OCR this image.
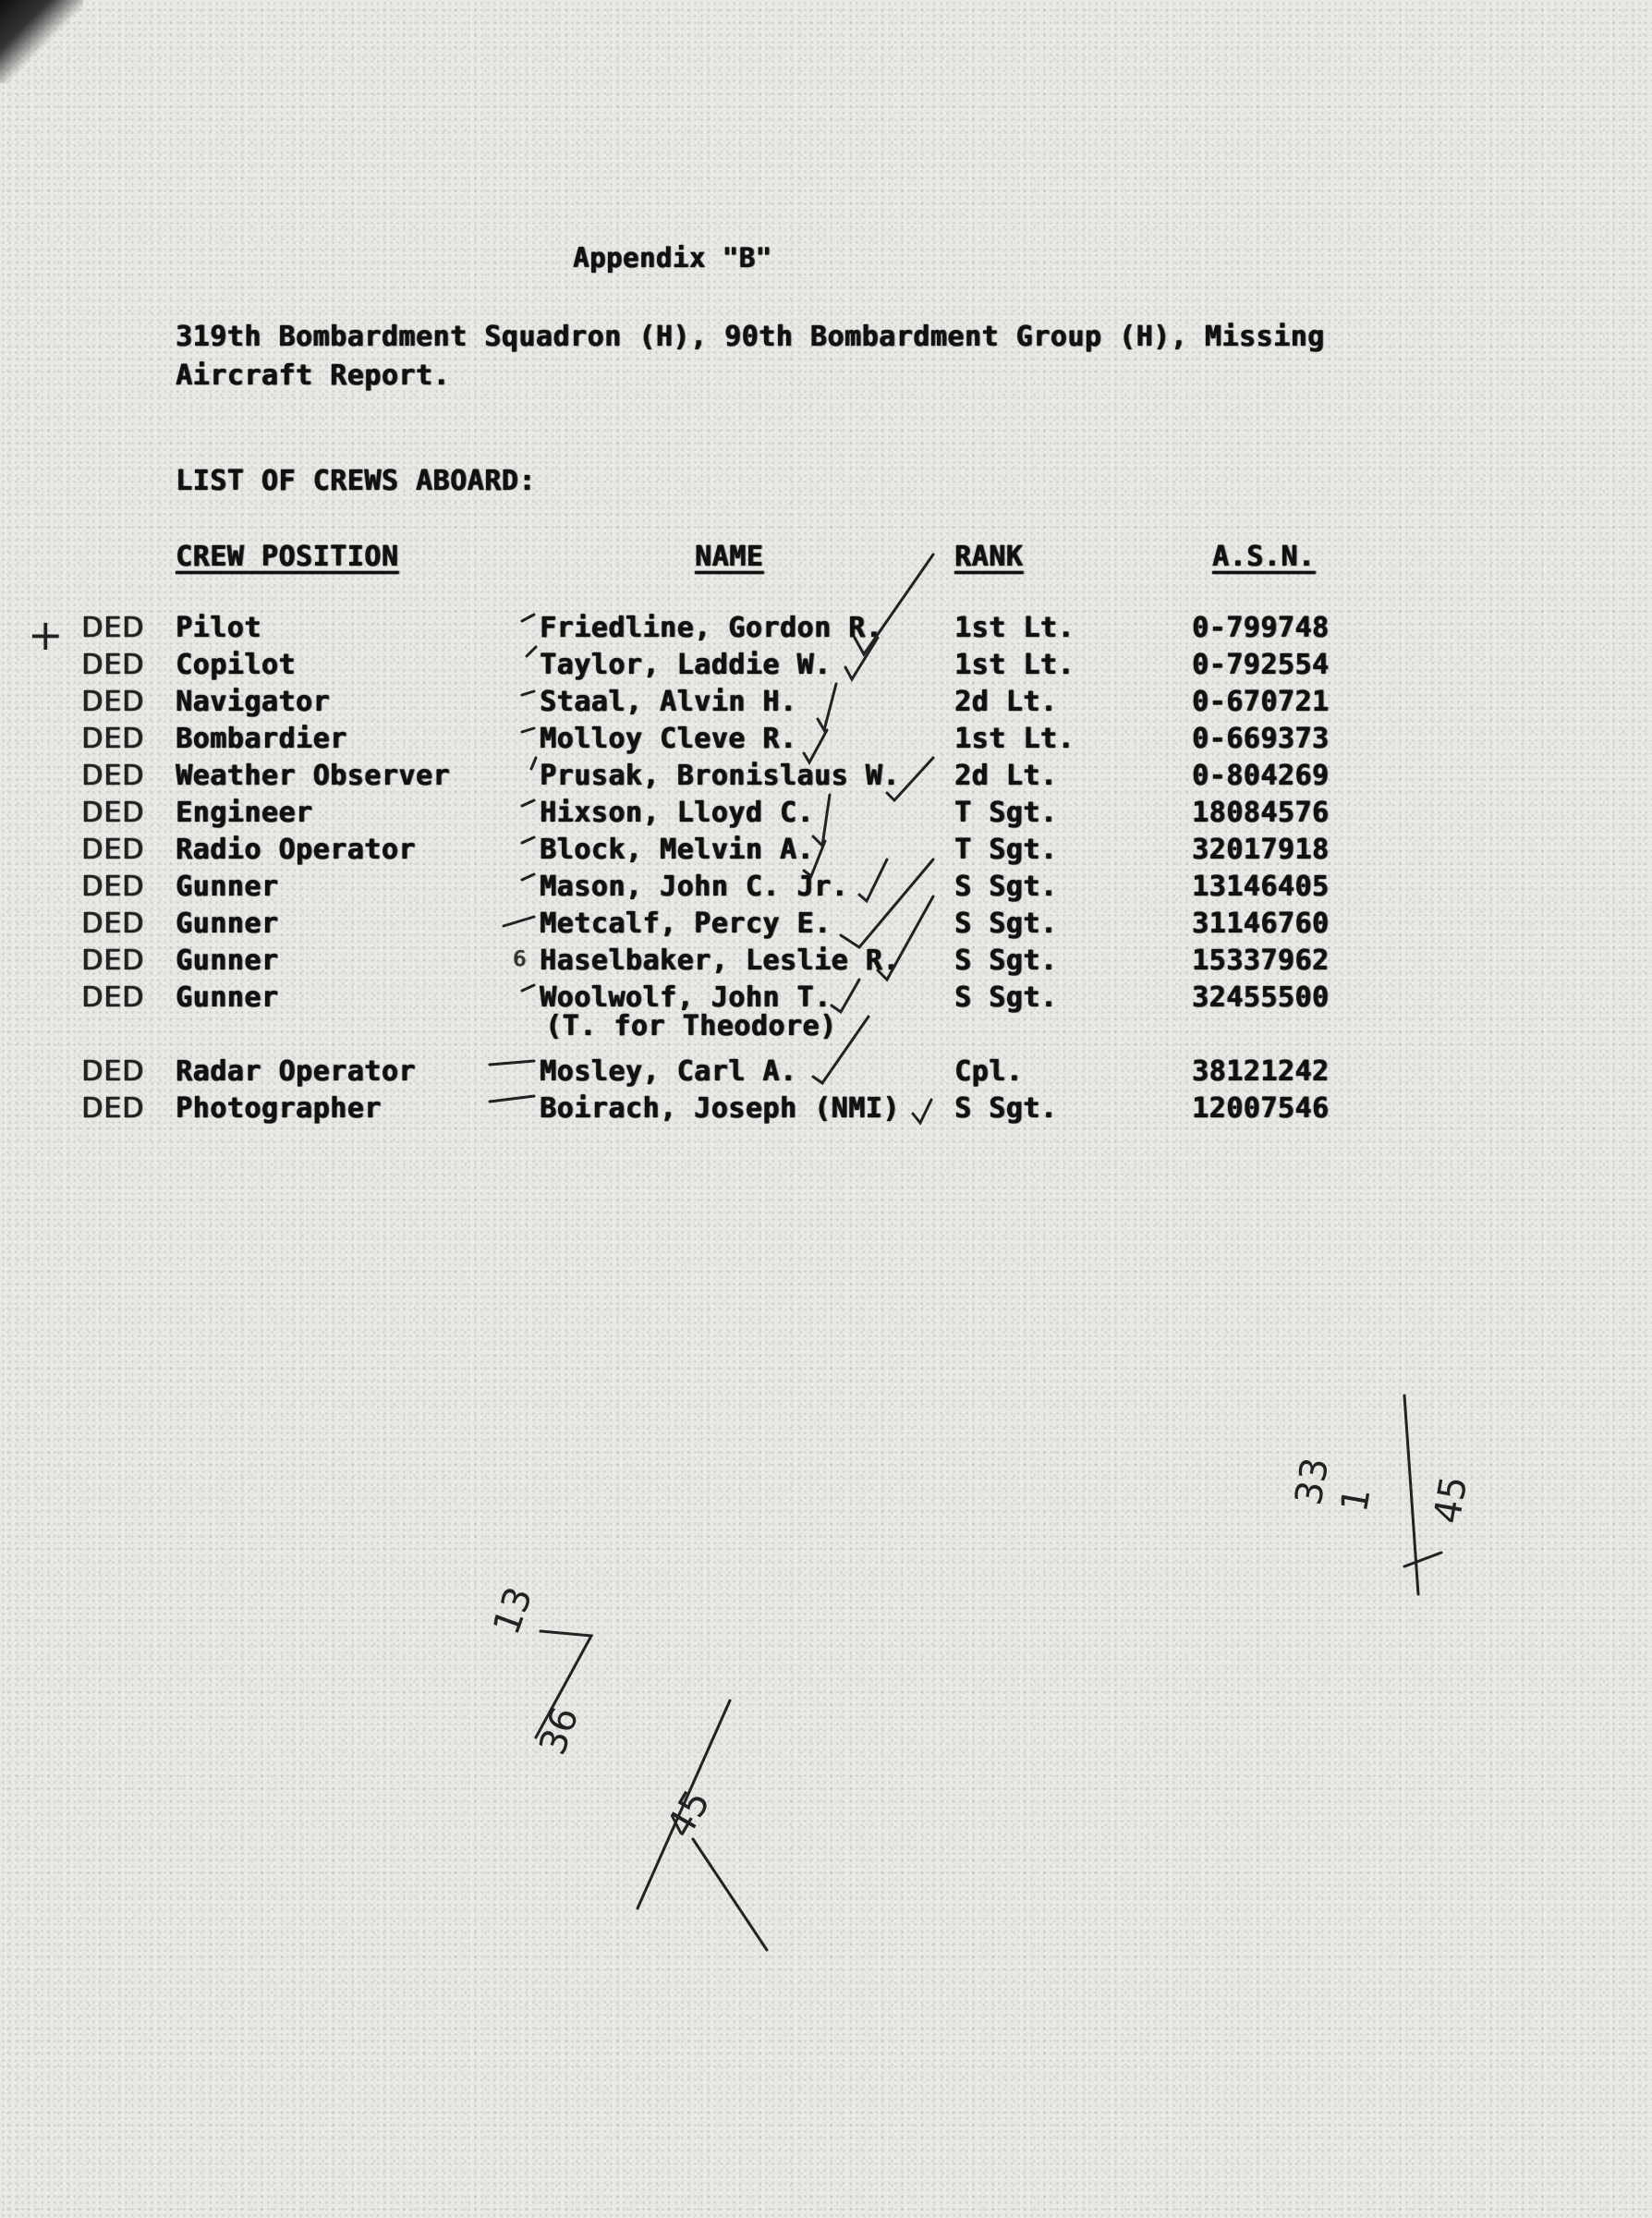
Appendix "B"
319th Bombardment Squadron (H), 90th Bombardment Group (H), Missing
Aircraft Report.
LIST OF CREWS ABOARD:
CREW POSITION	NAME	RANK	A.S.N.
DED Pilot	Friedline, Gordon R.	1st Lt.	0-799748
DED Copilot	Taylor, Laddie W.	1st Lt.	0-792554
DED Navigator	Staal, Alvin H.	2d Lt.	0-670721
DED Bombardier	Molloy Cleve R.	1st Lt.	0-669373
DED Weather Observer	Prusak, Bronislaus W. 2d Lt.	0-804269
DED Engineer	Hixson, Lloyd C.	T Sgt.	18084576
DED Radio Operator	Block, Melvin A.	T Sgt.	32017918
DED Gunner	Mason, John C. Jr.	S Sgt.	13146405
DED Gunner	Metcalf, Percy E.	S Sgt.	31146760
DED Gunner	6 Haselbaker, Leslie R. S Sgt.	15337962
DED Gunner	Woolwolf, John T.	S Sgt.	32455500
(T. for Theodore)
DED Radar Operator	Mosley, Carl A.	Cpl.	38121242
DED Photographer	Boirach, Joseph (NMI) S Sgt.	12007546
+
33
1 45
13
36
45
